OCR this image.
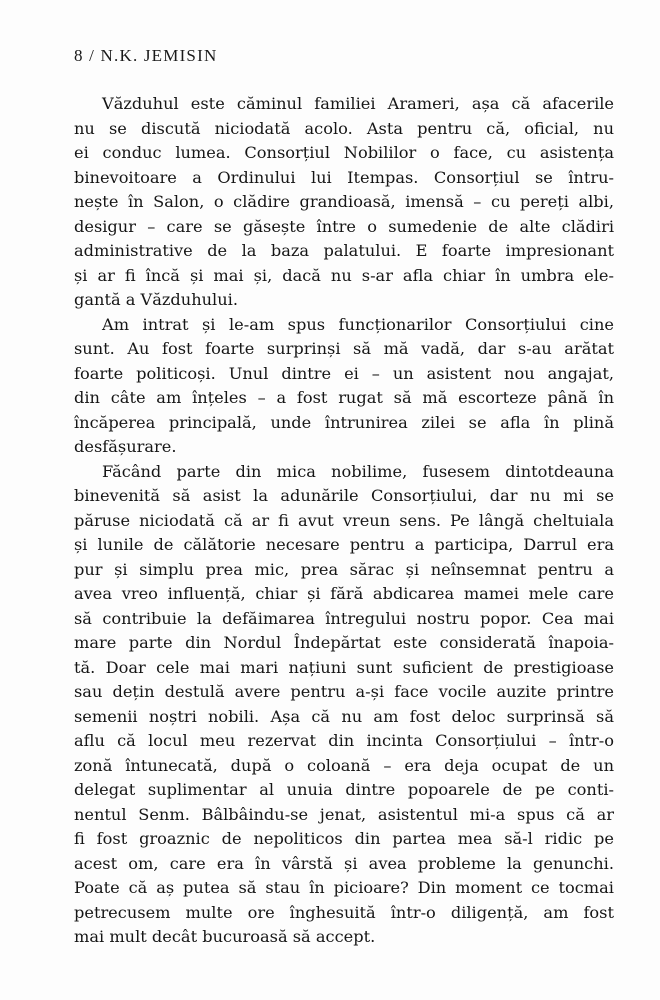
8 / N.K. JEMISIN
Văzduhul este căminul familiei Arameri, așa că afacerile
nu se discută niciodată acolo. Asta pentru că, oficial, nu
ei conduc lumea. Consorțiul Nobililor o face, cu asistența
binevoitoare a Ordinului lui Itempas. Consorțiul se întru-
nește în Salon, o clădire grandioasă, imensă – cu pereți albi,
desigur – care se găsește între o sumedenie de alte clădiri
administrative de la baza palatului. E foarte impresionant
și ar fi încă și mai și, dacă nu s-ar afla chiar în umbra ele-
gantă a Văzduhului.
Am intrat și le-am spus funcționarilor Consorțiului cine
sunt. Au fost foarte surprinși să mă vadă, dar s-au arătat
foarte politicoși. Unul dintre ei – un asistent nou angajat,
din câte am înțeles – a fost rugat să mă escorteze până în
încăperea principală, unde întrunirea zilei se afla în plină
desfășurare.
Făcând parte din mica nobilime, fusesem dintotdeauna
binevenită să asist la adunările Consorțiului, dar nu mi se
păruse niciodată că ar fi avut vreun sens. Pe lângă cheltuiala
și lunile de călătorie necesare pentru a participa, Darrul era
pur și simplu prea mic, prea sărac și neînsemnat pentru a
avea vreo influență, chiar și fără abdicarea mamei mele care
să contribuie la defăimarea întregului nostru popor. Cea mai
mare parte din Nordul Îndepărtat este considerată înapoia-
tă. Doar cele mai mari națiuni sunt suficient de prestigioase
sau dețin destulă avere pentru a-și face vocile auzite printre
semenii noștri nobili. Așa că nu am fost deloc surprinsă să
aflu că locul meu rezervat din incinta Consorțiului – într-o
zonă întunecată, după o coloană – era deja ocupat de un
delegat suplimentar al unuia dintre popoarele de pe conti-
nentul Senm. Bâlbâindu-se jenat, asistentul mi-a spus că ar
fi fost groaznic de nepoliticos din partea mea să-l ridic pe
acest om, care era în vârstă și avea probleme la genunchi.
Poate că aș putea să stau în picioare? Din moment ce tocmai
petrecusem multe ore înghesuită într-o diligență, am fost
mai mult decât bucuroasă să accept.
